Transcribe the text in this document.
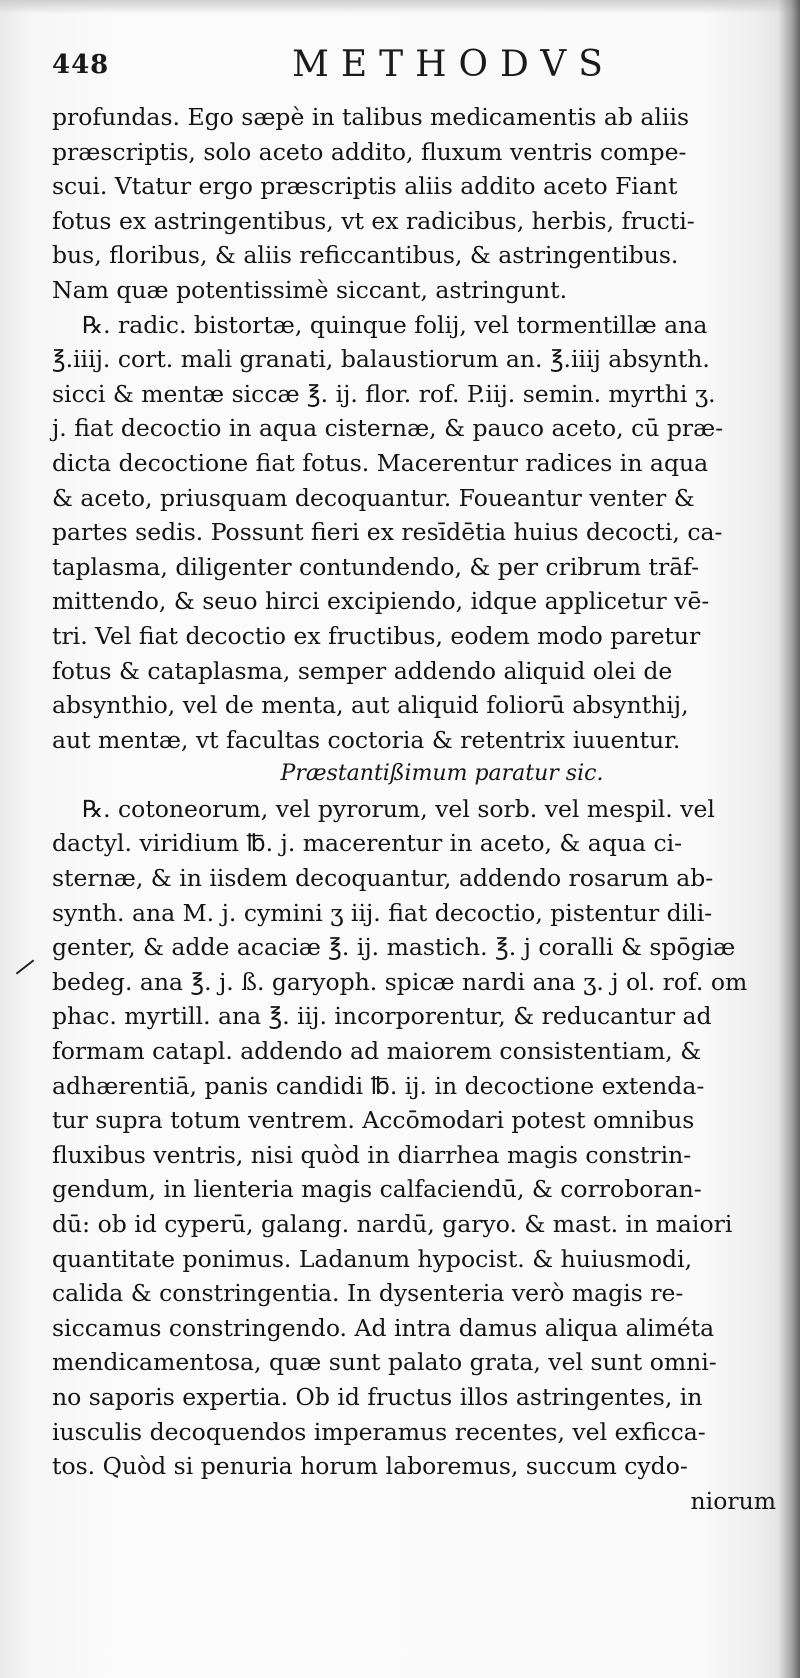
448	METHODVS
profundas. Ego sæpè in talibus medicamentis ab aliis
præscriptis, solo aceto addito, fluxum ventris compe-
scui. Vtatur ergo præscriptis aliis addito aceto Fiant
fotus ex astringentibus, vt ex radicibus, herbis, fructi-
bus, floribus, & aliis reficcantibus, & astringentibus.
Nam quæ potentissimè siccant, astringunt.
℞. radic. bistortæ, quinque folij, vel tormentillæ ana
℥.iiij. cort. mali granati, balaustiorum an. ℥.iiij absynth.
sicci & mentæ siccæ ℥. ij. flor. rof. P.iij. semin. myrthi ʒ.
j. fiat decoctio in aqua cisternæ, & pauco aceto, cū præ-
dicta decoctione fiat fotus. Macerentur radices in aqua
& aceto, priusquam decoquantur. Foueantur venter &
partes sedis. Possunt fieri ex resīdētia huius decocti, ca-
taplasma, diligenter contundendo, & per cribrum trāf-
mittendo, & seuo hirci excipiendo, idque applicetur vē-
tri. Vel fiat decoctio ex fructibus, eodem modo paretur
fotus & cataplasma, semper addendo aliquid olei de
absynthio, vel de menta, aut aliquid foliorū absynthij,
aut mentæ, vt facultas coctoria & retentrix iuuentur.
Præstantißimum paratur sic.
℞. cotoneorum, vel pyrorum, vel sorb. vel mespil. vel
dactyl. viridium ℔. j. macerentur in aceto, & aqua ci-
sternæ, & in iisdem decoquantur, addendo rosarum ab-
synth. ana M. j. cymini ʒ iij. fiat decoctio, pistentur dili-
genter, & adde acaciæ ℥. ij. mastich. ℥. j coralli & spōgiæ
bedeg. ana ℥. j. ß. garyoph. spicæ nardi ana ʒ. j ol. rof. om
phac. myrtill. ana ℥. iij. incorporentur, & reducantur ad
formam catapl. addendo ad maiorem consistentiam, &
adhærentiā, panis candidi ℔. ij. in decoctione extenda-
tur supra totum ventrem. Accōmodari potest omnibus
fluxibus ventris, nisi quòd in diarrhea magis constrin-
gendum, in lienteria magis calfaciendū, & corroboran-
dū: ob id cyperū, galang. nardū, garyo. & mast. in maiori
quantitate ponimus. Ladanum hypocist. & huiusmodi,
calida & constringentia. In dysenteria verò magis re-
siccamus constringendo. Ad intra damus aliqua aliméta
mendicamentosa, quæ sunt palato grata, vel sunt omni-
no saporis expertia. Ob id fructus illos astringentes, in
iusculis decoquendos imperamus recentes, vel exficca-
tos. Quòd si penuria horum laboremus, succum cydo-
niorum
